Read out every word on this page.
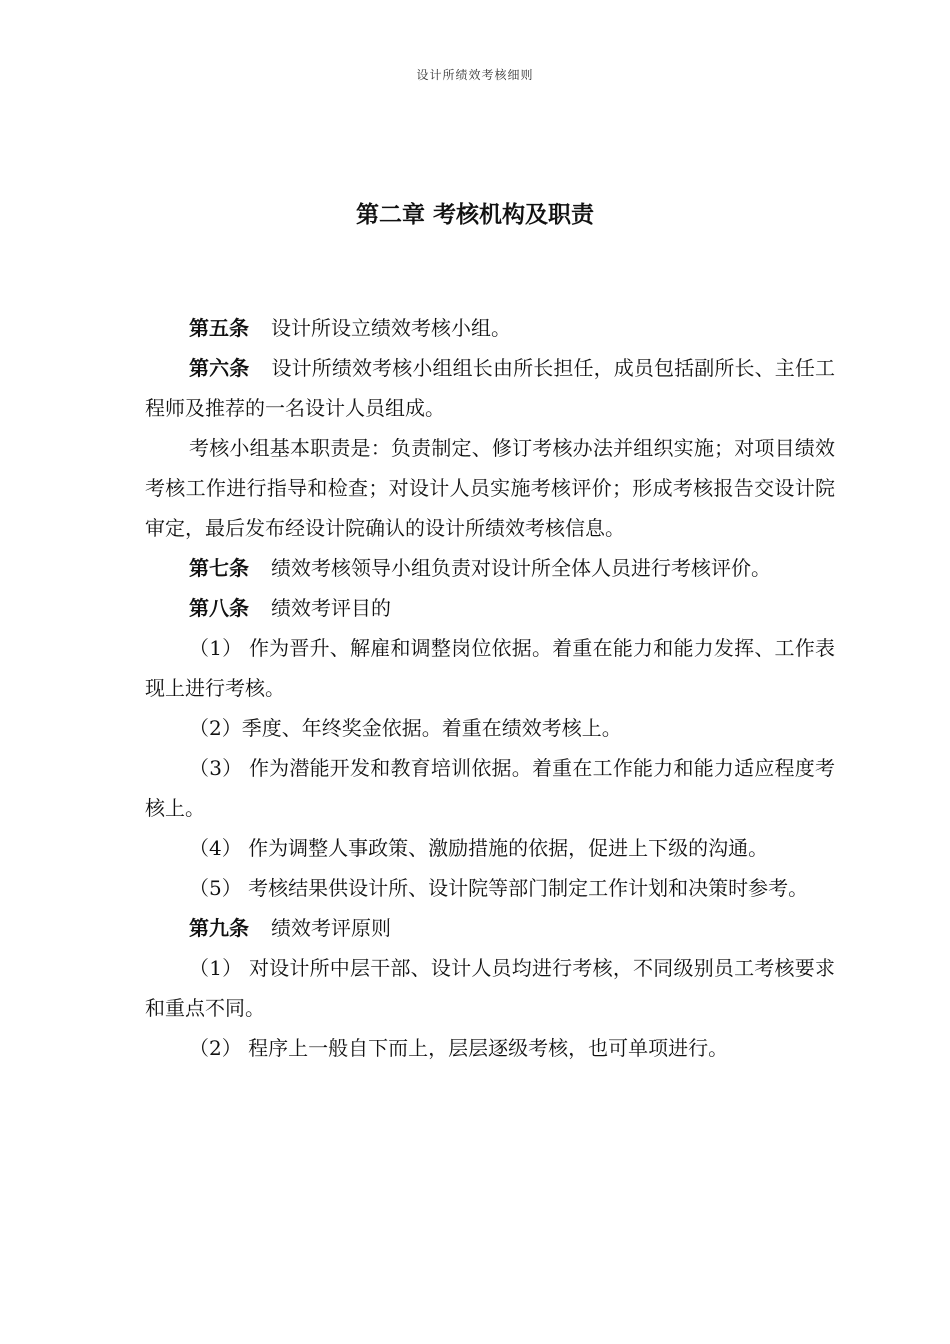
设计所绩效考核细则
第二章 考核机构及职责

第五条 设计所设立绩效考核小组。

第六条 设计所绩效考核小组组长由所长担任，成员包括副所长、主任工程师及推荐的一名设计人员组成。

考核小组基本职责是：负责制定、修订考核办法并组织实施；对项目绩效考核工作进行指导和检查；对设计人员实施考核评价；形成考核报告交设计院审定，最后发布经设计院确认的设计所绩效考核信息。

第七条 绩效考核领导小组负责对设计所全体人员进行考核评价。

第八条 绩效考评目的

（1） 作为晋升、解雇和调整岗位依据。着重在能力和能力发挥、工作表现上进行考核。

（2）季度、年终奖金依据。着重在绩效考核上。

（3） 作为潜能开发和教育培训依据。着重在工作能力和能力适应程度考核上。

（4） 作为调整人事政策、激励措施的依据，促进上下级的沟通。

（5） 考核结果供设计所、设计院等部门制定工作计划和决策时参考。

第九条 绩效考评原则

（1） 对设计所中层干部、设计人员均进行考核，不同级别员工考核要求和重点不同。

（2） 程序上一般自下而上，层层逐级考核，也可单项进行。
